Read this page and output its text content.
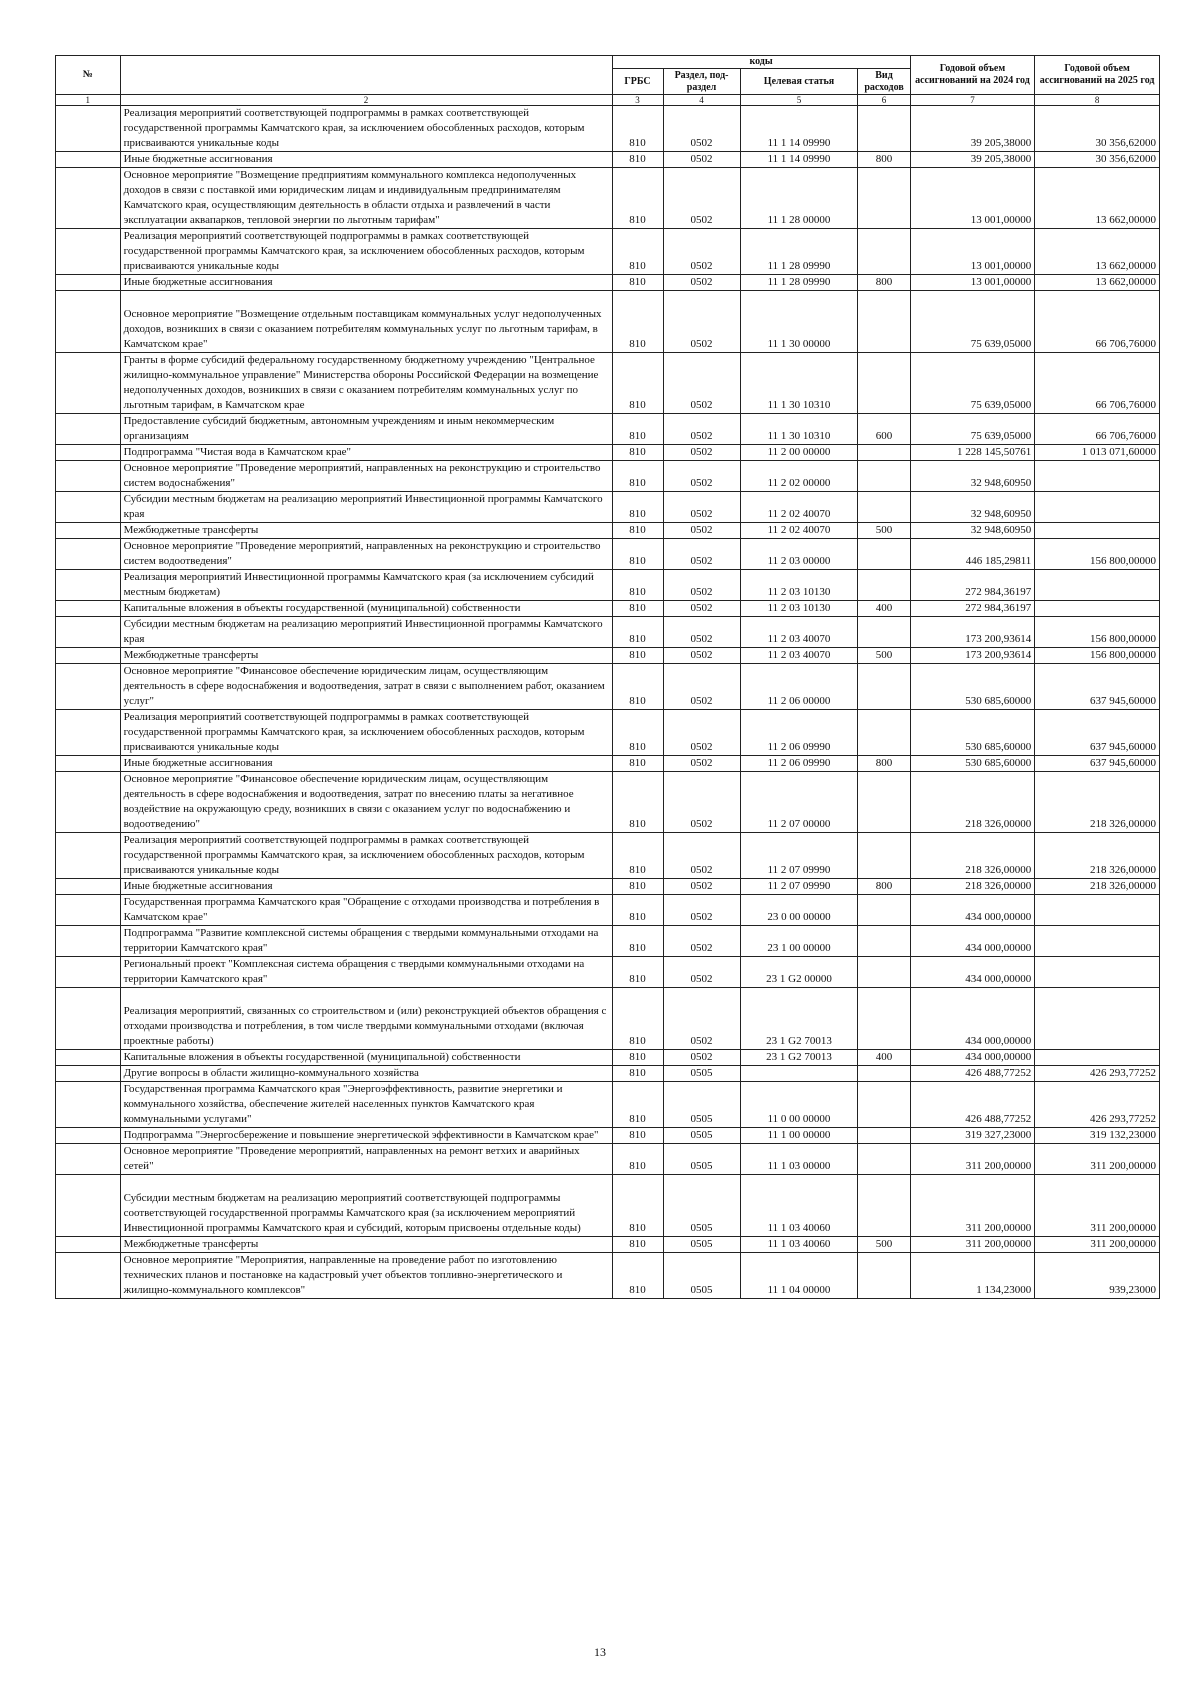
№		коды				Годовой объем ассигнований на 2024 год	Годовой объем ассигнований на 2025 год
		ГРБС	Раздел, под-раздел	Целевая статья	Вид расходов		
1	2	3	4	5	6	7	8
	Реализация мероприятий соответствующей подпрограммы в рамках соответствующей государственной программы Камчатского края, за исключением обособленных расходов, которым присваиваются уникальные коды	810	0502	11 1 14 09990		39 205,38000	30 356,62000
	Иные бюджетные ассигнования	810	0502	11 1 14 09990	800	39 205,38000	30 356,62000
	Основное мероприятие "Возмещение предприятиям коммунального комплекса недополученных доходов в связи с поставкой ими юридическим лицам и индивидуальным предпринимателям Камчатского края, осуществляющим деятельность в области отдыха и развлечений в части эксплуатации аквапарков, тепловой энергии по льготным тарифам"	810	0502	11 1 28 00000		13 001,00000	13 662,00000
	Реализация мероприятий соответствующей подпрограммы в рамках соответствующей государственной программы Камчатского края, за исключением обособленных расходов, которым присваиваются уникальные коды	810	0502	11 1 28 09990		13 001,00000	13 662,00000
	Иные бюджетные ассигнования	810	0502	11 1 28 09990	800	13 001,00000	13 662,00000
	Основное мероприятие "Возмещение отдельным поставщикам коммунальных услуг недополученных доходов, возникших в связи с оказанием потребителям коммунальных услуг по льготным тарифам, в Камчатском крае"	810	0502	11 1 30 00000		75 639,05000	66 706,76000
	Гранты в форме субсидий федеральному государственному бюджетному учреждению "Центральное жилищно-коммунальное управление" Министерства обороны Российской Федерации на возмещение недополученных доходов, возникших в связи с оказанием потребителям коммунальных услуг по льготным тарифам, в Камчатском крае	810	0502	11 1 30 10310		75 639,05000	66 706,76000
	Предоставление субсидий бюджетным, автономным учреждениям и иным некоммерческим организациям	810	0502	11 1 30 10310	600	75 639,05000	66 706,76000
	Подпрограмма "Чистая вода в Камчатском крае"	810	0502	11 2 00 00000		1 228 145,50761	1 013 071,60000
	Основное мероприятие "Проведение мероприятий, направленных на реконструкцию и строительство систем водоснабжения"	810	0502	11 2 02 00000		32 948,60950	
	Субсидии местным бюджетам на реализацию мероприятий Инвестиционной программы Камчатского края	810	0502	11 2 02 40070		32 948,60950	
	Межбюджетные трансферты	810	0502	11 2 02 40070	500	32 948,60950	
	Основное мероприятие "Проведение мероприятий, направленных на реконструкцию и строительство систем водоотведения"	810	0502	11 2 03 00000		446 185,29811	156 800,00000
	Реализация мероприятий Инвестиционной программы Камчатского края (за исключением субсидий местным бюджетам)	810	0502	11 2 03 10130		272 984,36197	
	Капитальные вложения в объекты государственной (муниципальной) собственности	810	0502	11 2 03 10130	400	272 984,36197	
	Субсидии местным бюджетам на реализацию мероприятий Инвестиционной программы Камчатского края	810	0502	11 2 03 40070		173 200,93614	156 800,00000
	Межбюджетные трансферты	810	0502	11 2 03 40070	500	173 200,93614	156 800,00000
	Основное мероприятие "Финансовое обеспечение юридическим лицам, осуществляющим деятельность в сфере водоснабжения и водоотведения, затрат в связи с выполнением работ, оказанием услуг"	810	0502	11 2 06 00000		530 685,60000	637 945,60000
	Реализация мероприятий соответствующей подпрограммы в рамках соответствующей государственной программы Камчатского края, за исключением обособленных расходов, которым присваиваются уникальные коды	810	0502	11 2 06 09990		530 685,60000	637 945,60000
	Иные бюджетные ассигнования	810	0502	11 2 06 09990	800	530 685,60000	637 945,60000
	Основное мероприятие "Финансовое обеспечение юридическим лицам, осуществляющим деятельность в сфере водоснабжения и водоотведения, затрат по внесению платы за негативное воздействие на окружающую среду, возникших в связи с оказанием услуг по водоснабжению и водоотведению"	810	0502	11 2 07 00000		218 326,00000	218 326,00000
	Реализация мероприятий соответствующей подпрограммы в рамках соответствующей государственной программы Камчатского края, за исключением обособленных расходов, которым присваиваются уникальные коды	810	0502	11 2 07 09990		218 326,00000	218 326,00000
	Иные бюджетные ассигнования	810	0502	11 2 07 09990	800	218 326,00000	218 326,00000
	Государственная программа Камчатского края "Обращение с отходами производства и потребления в Камчатском крае"	810	0502	23 0 00 00000		434 000,00000	
	Подпрограмма "Развитие комплексной системы обращения с твердыми коммунальными отходами на территории Камчатского края"	810	0502	23 1 00 00000		434 000,00000	
	Региональный проект "Комплексная система обращения с твердыми коммунальными отходами на территории Камчатского края"	810	0502	23 1 G2 00000		434 000,00000	
	Реализация мероприятий, связанных со строительством и (или) реконструкцией объектов обращения с отходами производства и потребления, в том числе твердыми коммунальными отходами (включая проектные работы)	810	0502	23 1 G2 70013		434 000,00000	
	Капитальные вложения в объекты государственной (муниципальной) собственности	810	0502	23 1 G2 70013	400	434 000,00000	
	Другие вопросы в области жилищно-коммунального хозяйства	810	0505			426 488,77252	426 293,77252
	Государственная программа Камчатского края "Энергоэффективность, развитие энергетики и коммунального хозяйства, обеспечение жителей населенных пунктов Камчатского края коммунальными услугами"	810	0505	11 0 00 00000		426 488,77252	426 293,77252
	Подпрограмма "Энергосбережение и повышение энергетической эффективности в Камчатском крае"	810	0505	11 1 00 00000		319 327,23000	319 132,23000
	Основное мероприятие "Проведение мероприятий, направленных на ремонт ветхих и аварийных сетей"	810	0505	11 1 03 00000		311 200,00000	311 200,00000
	Субсидии местным бюджетам на реализацию мероприятий соответствующей подпрограммы соответствующей государственной программы Камчатского края (за исключением мероприятий Инвестиционной программы Камчатского края и субсидий, которым присвоены отдельные коды)	810	0505	11 1 03 40060		311 200,00000	311 200,00000
	Межбюджетные трансферты	810	0505	11 1 03 40060	500	311 200,00000	311 200,00000
	Основное мероприятие "Мероприятия, направленные на проведение работ по изготовлению технических планов и постановке на кадастровый учет объектов топливно-энергетического и жилищно-коммунального комплексов"	810	0505	11 1 04 00000		1 134,23000	939,23000
13
